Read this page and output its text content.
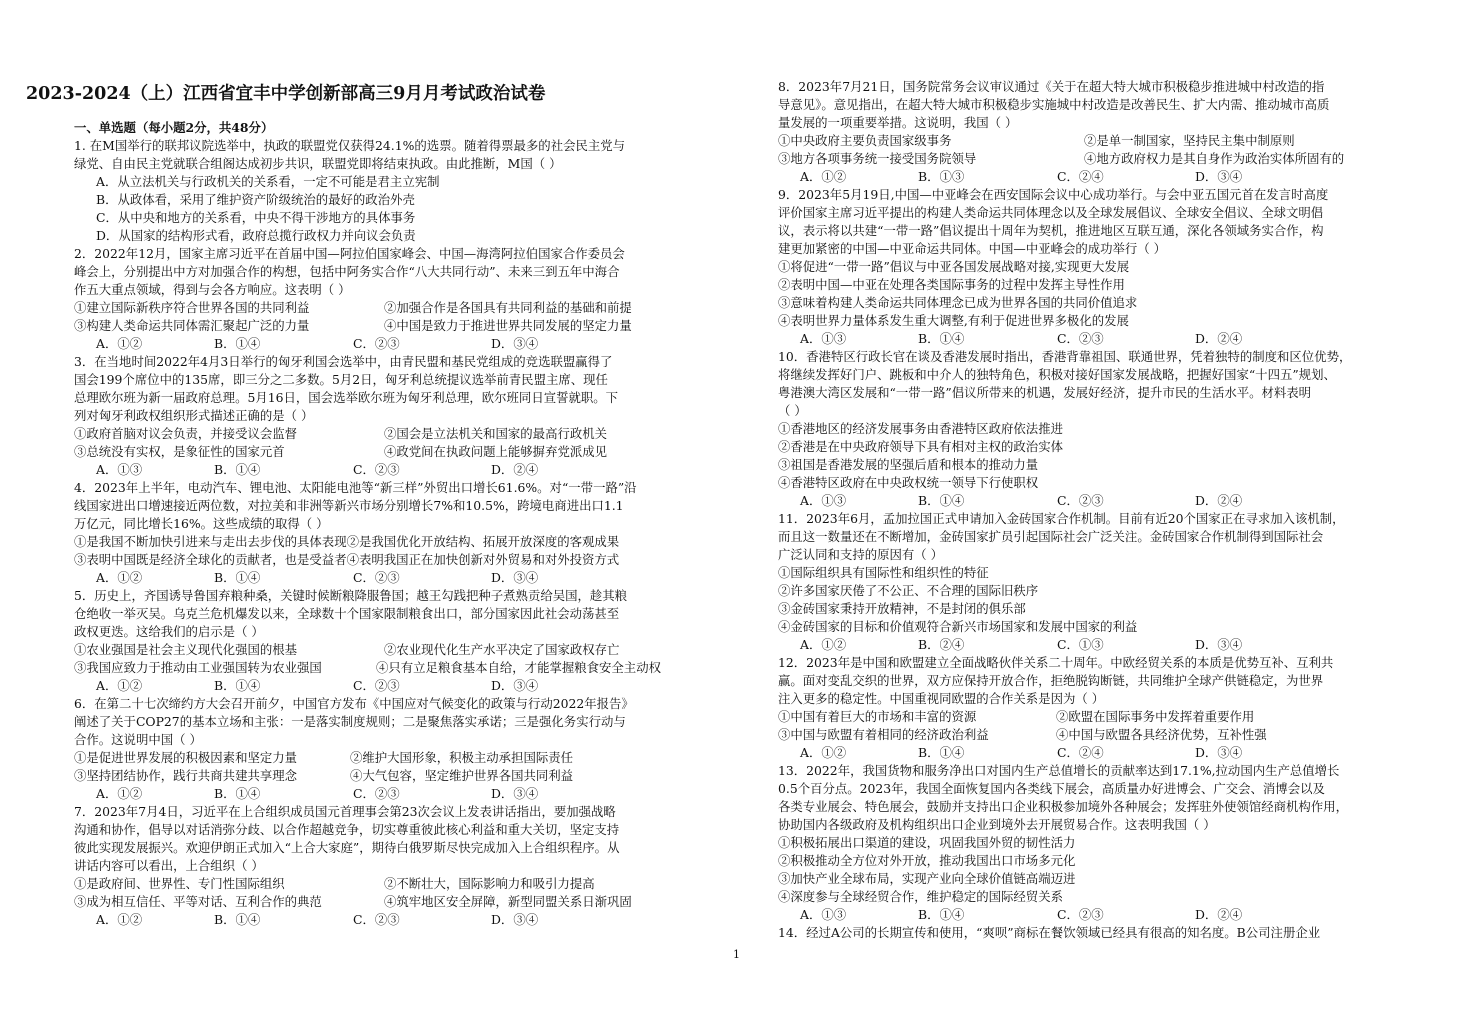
2023-2024（上）江西省宜丰中学创新部高三9月月考试政治试卷
一、单选题（每小题2分，共48分）
1. 在M国举行的联邦议院选举中，执政的联盟党仅获得24.1%的选票。随着得票最多的社会民主党与
绿党、自由民主党就联合组阁达成初步共识，联盟党即将结束执政。由此推断，M国（ ）
A．从立法机关与行政机关的关系看，一定不可能是君主立宪制
B．从政体看，采用了维护资产阶级统治的最好的政治外壳
C．从中央和地方的关系看，中央不得干涉地方的具体事务
D．从国家的结构形式看，政府总揽行政权力并向议会负责
2．2022年12月，国家主席习近平在首届中国—阿拉伯国家峰会、中国—海湾阿拉伯国家合作委员会
峰会上，分别提出中方对加强合作的构想，包括中阿务实合作“八大共同行动”、未来三到五年中海合
作五大重点领域，得到与会各方响应。这表明（ ）
①建立国际新秩序符合世界各国的共同利益	②加强合作是各国具有共同利益的基础和前提
③构建人类命运共同体需汇聚起广泛的力量	④中国是致力于推进世界共同发展的坚定力量
A．①②	B．①④	C．②③	D．③④
3．在当地时间2022年4月3日举行的匈牙利国会选举中，由青民盟和基民党组成的竞选联盟赢得了
国会199个席位中的135席，即三分之二多数。5月2日，匈牙利总统提议选举前青民盟主席、现任
总理欧尔班为新一届政府总理。5月16日，国会选举欧尔班为匈牙利总理，欧尔班同日宣誓就职。下
列对匈牙利政权组织形式描述正确的是（ ）
①政府首脑对议会负责，并接受议会监督	②国会是立法机关和国家的最高行政机关
③总统没有实权，是象征性的国家元首	④政党间在执政问题上能够摒弃党派成见
A．①③	B．①④	C．②③	D．②④
4．2023年上半年，电动汽车、锂电池、太阳能电池等“新三样”外贸出口增长61.6%。对“一带一路”沿
线国家进出口增速接近两位数，对拉美和非洲等新兴市场分别增长7%和10.5%，跨境电商进出口1.1
万亿元，同比增长16%。这些成绩的取得（ ）
①是我国不断加快引进来与走出去步伐的具体表现②是我国优化开放结构、拓展开放深度的客观成果
③表明中国既是经济全球化的贡献者，也是受益者④表明我国正在加快创新对外贸易和对外投资方式
A．①②	B．①④	C．②③	D．③④
5．历史上，齐国诱导鲁国弃粮种桑，关键时候断粮降服鲁国；越王勾践把种子煮熟贡给吴国，趁其粮
仓绝收一举灭吴。乌克兰危机爆发以来，全球数十个国家限制粮食出口，部分国家因此社会动荡甚至
政权更迭。这给我们的启示是（ ）
①农业强国是社会主义现代化强国的根基	②农业现代化生产水平决定了国家政权存亡
③我国应致力于推动由工业强国转为农业强国	④只有立足粮食基本自给，才能掌握粮食安全主动权
A．①②	B．①④	C．②③	D．③④
6．在第二十七次缔约方大会召开前夕，中国官方发布《中国应对气候变化的政策与行动2022年报告》
阐述了关于COP27的基本立场和主张：一是落实制度规则；二是聚焦落实承诺；三是强化务实行动与
合作。这说明中国（ ）
①是促进世界发展的积极因素和坚定力量	②维护大国形象，积极主动承担国际责任
③坚持团结协作，践行共商共建共享理念	④大气包容，坚定维护世界各国共同利益
A．①②	B．①④	C．②③	D．③④
7．2023年7月4日，习近平在上合组织成员国元首理事会第23次会议上发表讲话指出，要加强战略
沟通和协作，倡导以对话消弥分歧、以合作超越竞争，切实尊重彼此核心利益和重大关切，坚定支持
彼此实现发展振兴。欢迎伊朗正式加入“上合大家庭”，期待白俄罗斯尽快完成加入上合组织程序。从
讲话内容可以看出，上合组织（ ）
①是政府间、世界性、专门性国际组织	②不断壮大，国际影响力和吸引力提高
③成为相互信任、平等对话、互利合作的典范	④筑牢地区安全屏障，新型同盟关系日渐巩固
A．①②	B．①④	C．②③	D．③④
8．2023年7月21日，国务院常务会议审议通过《关于在超大特大城市积极稳步推进城中村改造的指
导意见》。意见指出，在超大特大城市积极稳步实施城中村改造是改善民生、扩大内需、推动城市高质
量发展的一项重要举措。这说明，我国（ ）
①中央政府主要负责国家级事务	②是单一制国家，坚持民主集中制原则
③地方各项事务统一接受国务院领导	④地方政府权力是其自身作为政治实体所固有的
A．①②	B．①③	C．②④	D．③④
9．2023年5月19日,中国—中亚峰会在西安国际会议中心成功举行。与会中亚五国元首在发言时高度
评价国家主席习近平提出的构建人类命运共同体理念以及全球发展倡议、全球安全倡议、全球文明倡
议，表示将以共建“一带一路”倡议提出十周年为契机，推进地区互联互通，深化各领域务实合作，构
建更加紧密的中国—中亚命运共同体。中国—中亚峰会的成功举行（ ）
①将促进“一带一路”倡议与中亚各国发展战略对接,实现更大发展
②表明中国—中亚在处理各类国际事务的过程中发挥主导性作用
③意味着构建人类命运共同体理念已成为世界各国的共同价值追求
④表明世界力量体系发生重大调整,有利于促进世界多极化的发展
A．①③	B．①④	C．②③	D．②④
10．香港特区行政长官在谈及香港发展时指出，香港背靠祖国、联通世界，凭着独特的制度和区位优势，
将继续发挥好门户、跳板和中介人的独特角色，积极对接好国家发展战略，把握好国家“十四五”规划、
粤港澳大湾区发展和“一带一路”倡议所带来的机遇，发展好经济，提升市民的生活水平。材料表明
（ ）
①香港地区的经济发展事务由香港特区政府依法推进
②香港是在中央政府领导下具有相对主权的政治实体
③祖国是香港发展的坚强后盾和根本的推动力量
④香港特区政府在中央政权统一领导下行使职权
A．①③	B．①④	C．②③	D．②④
11．2023年6月，孟加拉国正式申请加入金砖国家合作机制。目前有近20个国家正在寻求加入该机制，
而且这一数量还在不断增加，金砖国家扩员引起国际社会广泛关注。金砖国家合作机制得到国际社会
广泛认同和支持的原因有（ ）
①国际组织具有国际性和组织性的特征
②许多国家厌倦了不公正、不合理的国际旧秩序
③金砖国家秉持开放精神，不是封闭的俱乐部
④金砖国家的目标和价值观符合新兴市场国家和发展中国家的利益
A．①②	B．②④	C．①③	D．③④
12．2023年是中国和欧盟建立全面战略伙伴关系二十周年。中欧经贸关系的本质是优势互补、互利共
赢。面对变乱交织的世界，双方应保持开放合作，拒绝脱钩断链，共同维护全球产供链稳定，为世界
注入更多的稳定性。中国重视同欧盟的合作关系是因为（ ）
①中国有着巨大的市场和丰富的资源	②欧盟在国际事务中发挥着重要作用
③中国与欧盟有着相同的经济政治利益	④中国与欧盟各具经济优势，互补性强
A．①②	B．①④	C．②④	D．③④
13．2022年，我国货物和服务净出口对国内生产总值增长的贡献率达到17.1%,拉动国内生产总值增长
0.5个百分点。2023年，我国全面恢复国内各类线下展会，高质量办好进博会、广交会、消博会以及
各类专业展会、特色展会，鼓励并支持出口企业积极参加境外各种展会；发挥驻外使领馆经商机构作用，
协助国内各级政府及机构组织出口企业到境外去开展贸易合作。这表明我国（ ）
①积极拓展出口渠道的建设，巩固我国外贸的韧性活力
②积极推动全方位对外开放，推动我国出口市场多元化
③加快产业全球布局，实现产业向全球价值链高端迈进
④深度参与全球经贸合作，维护稳定的国际经贸关系
A．①③	B．①④	C．②③	D．②④
14．经过A公司的长期宣传和使用，“爽呗”商标在餐饮领域已经具有很高的知名度。B公司注册企业
1
